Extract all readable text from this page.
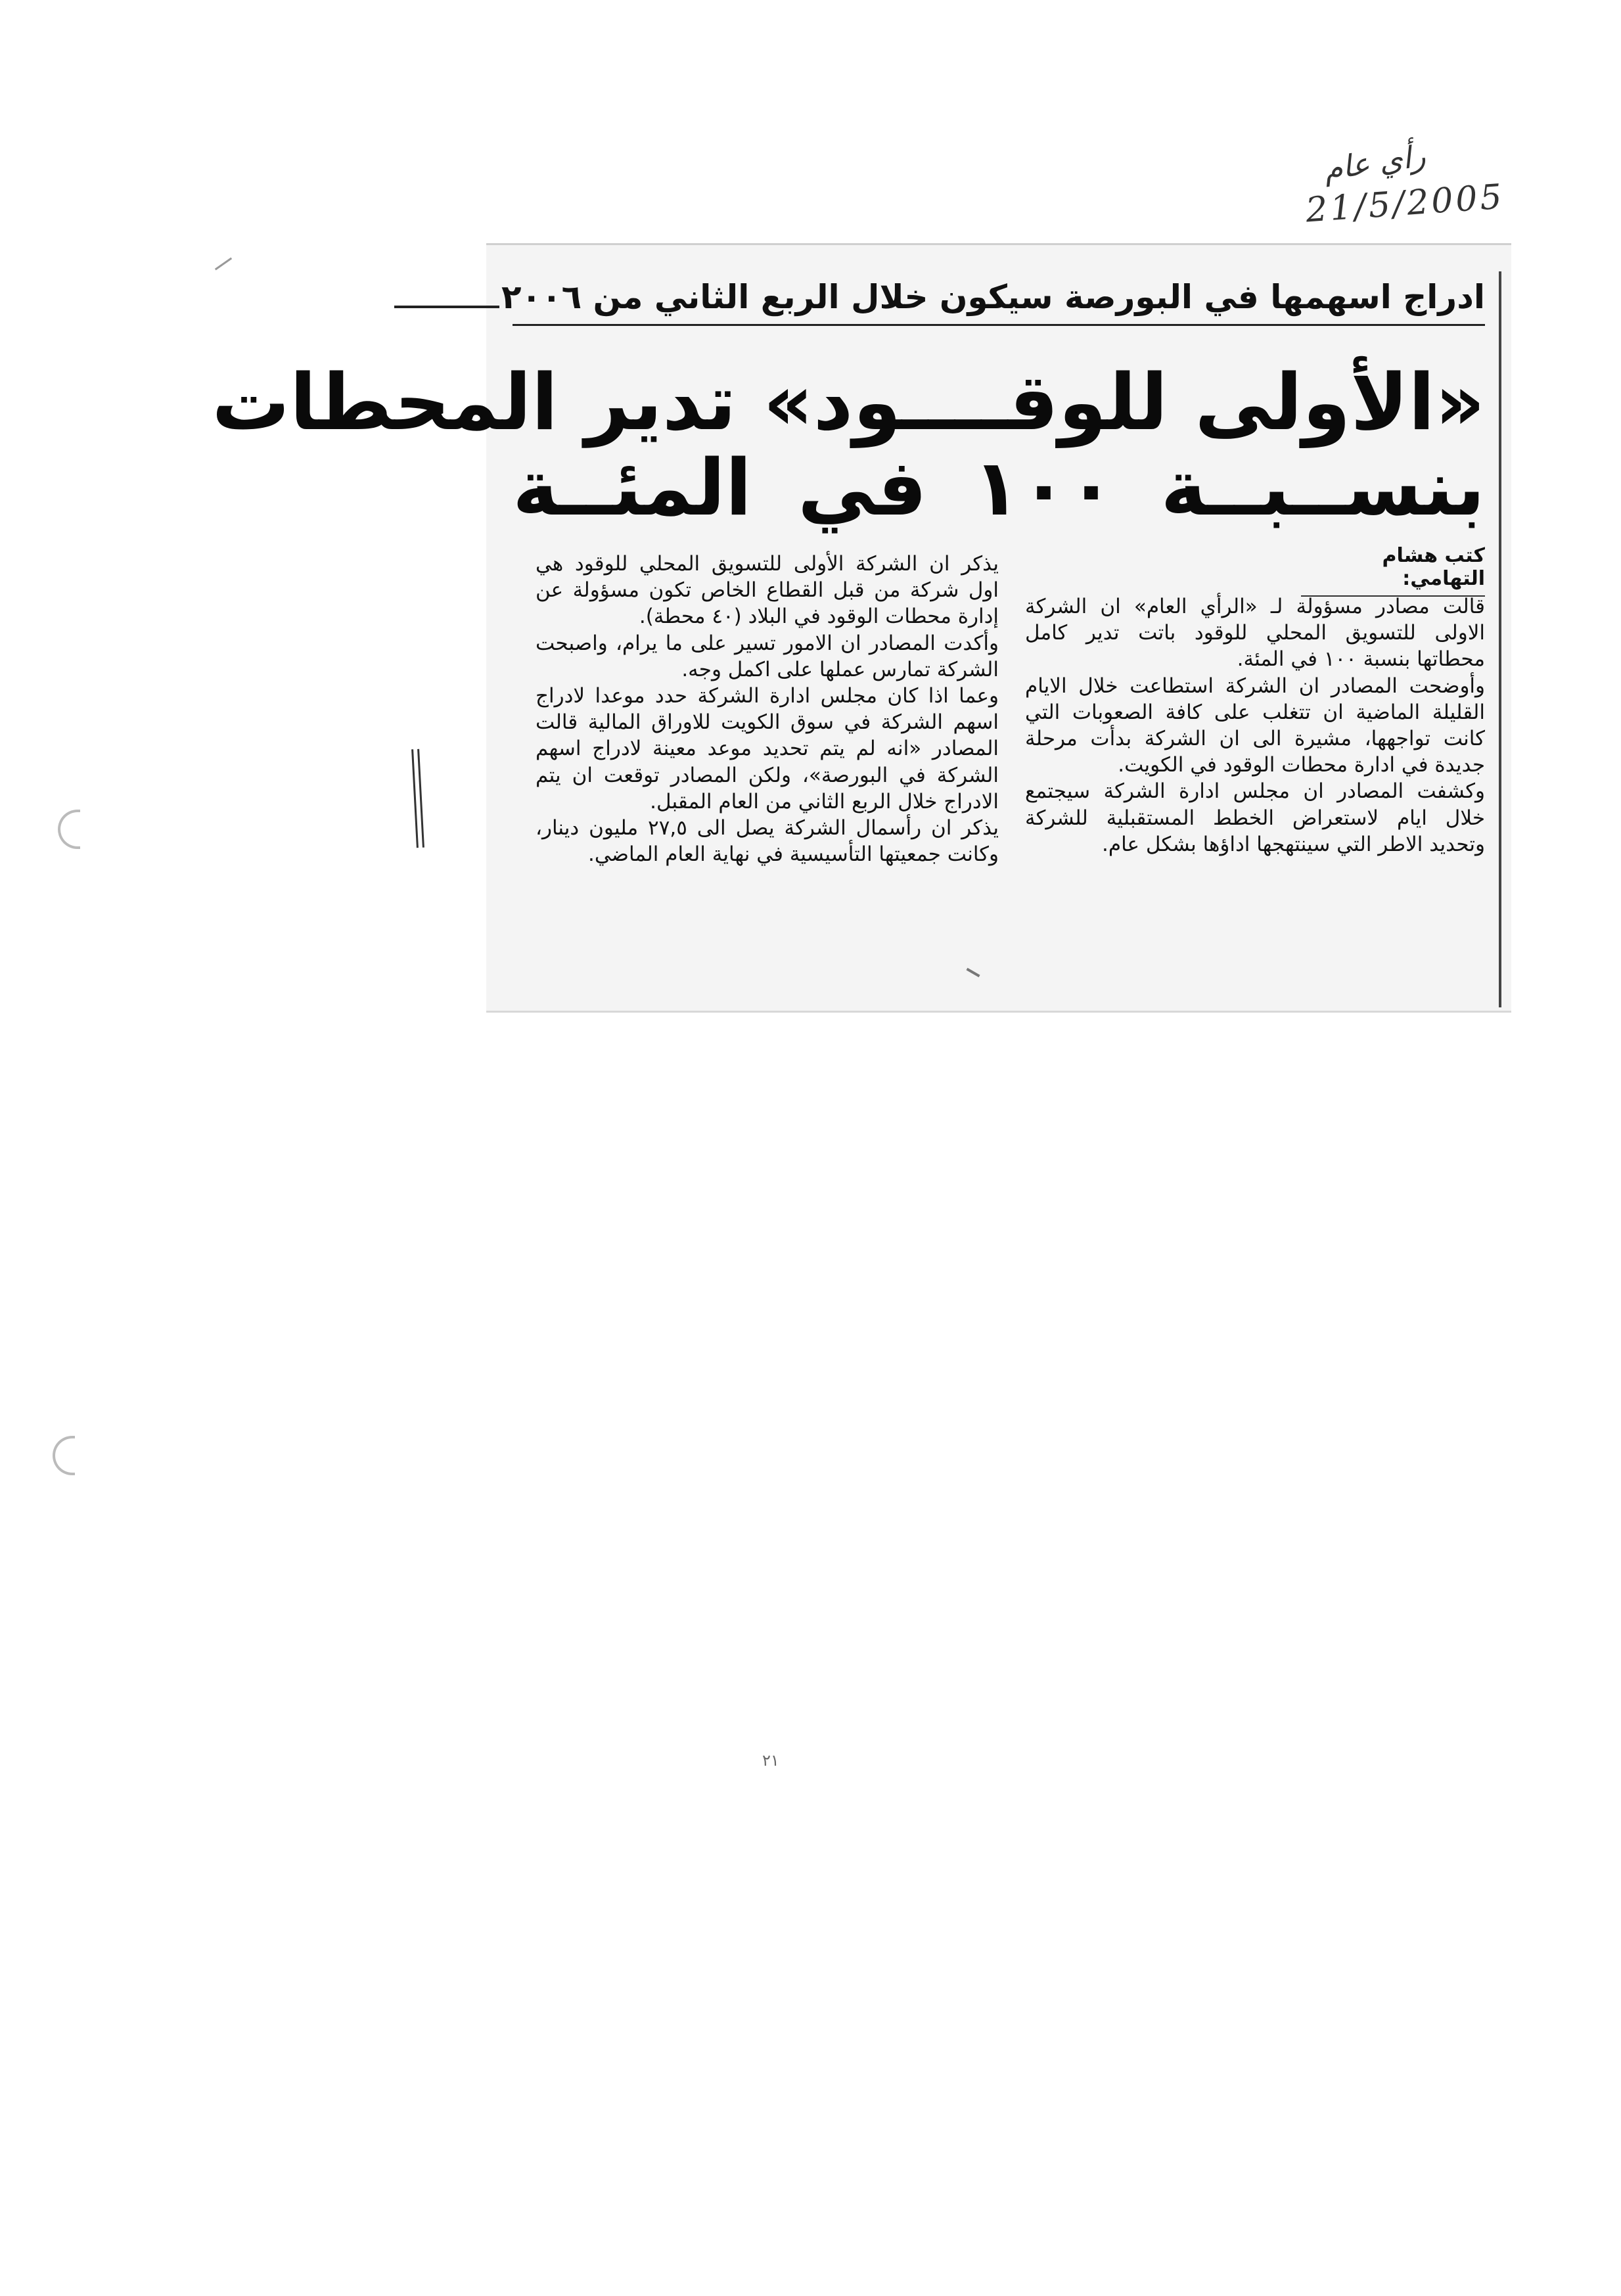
رأي عام
21/5/2005
ادراج اسهمها في البورصة سيكون خلال الربع الثاني من ٢٠٠٦
«الأولى للوقــــود» تدير المحطات
بنســبــة ١٠٠ في المئــة
كتب هشام التهامي:

قالت مصادر مسؤولة لـ «الرأي العام» ان الشركة الاولى للتسويق المحلي للوقود باتت تدير كامل محطاتها بنسبة ١٠٠ في المئة.

وأوضحت المصادر ان الشركة استطاعت خلال الايام القليلة الماضية ان تتغلب على كافة الصعوبات التي كانت تواجهها، مشيرة الى ان الشركة بدأت مرحلة جديدة في ادارة محطات الوقود في الكويت.

وكشفت المصادر ان مجلس ادارة الشركة سيجتمع خلال ايام لاستعراض الخطط المستقبلية للشركة وتحديد الاطر التي سينتهجها اداؤها بشكل عام.

يذكر ان الشركة الأولى للتسويق المحلي للوقود هي اول شركة من قبل القطاع الخاص تكون مسؤولة عن إدارة محطات الوقود في البلاد (٤٠ محطة).

وأكدت المصادر ان الامور تسير على ما يرام، واصبحت الشركة تمارس عملها على اكمل وجه.

وعما اذا كان مجلس ادارة الشركة حدد موعدا لادراج اسهم الشركة في سوق الكويت للاوراق المالية قالت المصادر «انه لم يتم تحديد موعد معينة لادراج اسهم الشركة في البورصة»، ولكن المصادر توقعت ان يتم الادراج خلال الربع الثاني من العام المقبل.

يذكر ان رأسمال الشركة يصل الى ٢٧,٥ مليون دينار، وكانت جمعيتها التأسيسية في نهاية العام الماضي.

٢١
